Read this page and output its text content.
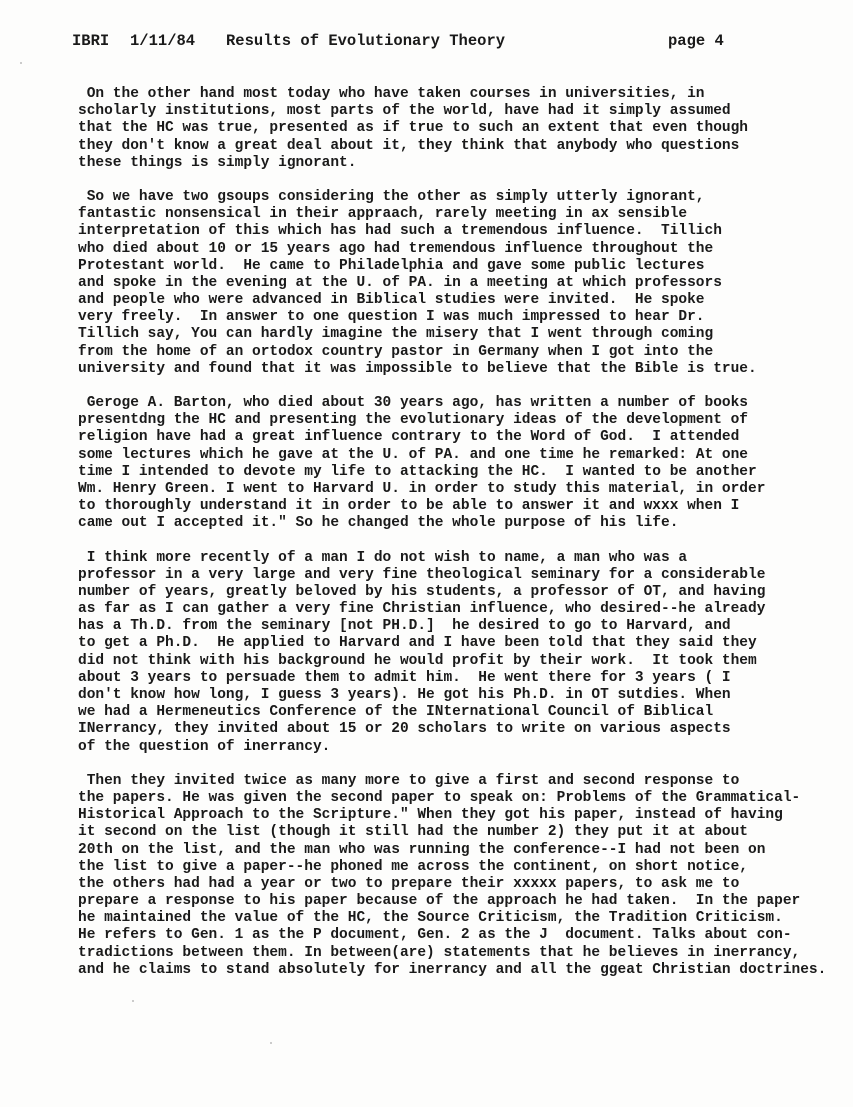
IBRI

1/11/84

Results of Evolutionary Theory

	page 4

On the other hand most today who have taken courses in universities, in
scholarly institutions, most parts of the world, have had it simply assumed
that the HC was true, presented as if true to such an extent that even though
they don't know a great deal about it, they think that anybody who questions
these things is simply ignorant.
So we have two gsoups considering the other as simply utterly ignorant,
fantastic nonsensical in their appraach, rarely meeting in ax sensible
interpretation of this which has had such a tremendous influence.  Tillich
who died about 10 or 15 years ago had tremendous influence throughout the
Protestant world.  He came to Philadelphia and gave some public lectures
and spoke in the evening at the U. of PA. in a meeting at which professors
and people who were advanced in Biblical studies were invited.  He spoke
very freely.  In answer to one question I was much impressed to hear Dr.
Tillich say, You can hardly imagine the misery that I went through coming
from the home of an ortodox country pastor in Germany when I got into the
university and found that it was impossible to believe that the Bible is true.
Geroge A. Barton, who died about 30 years ago, has written a number of books
presentdng the HC and presenting the evolutionary ideas of the development of
religion have had a great influence contrary to the Word of God.  I attended
some lectures which he gave at the U. of PA. and one time he remarked: At one
time I intended to devote my life to attacking the HC.  I wanted to be another
Wm. Henry Green. I went to Harvard U. in order to study this material, in order
to thoroughly understand it in order to be able to answer it and wxxx when I
came out I accepted it." So he changed the whole purpose of his life.
I think more recently of a man I do not wish to name, a man who was a
professor in a very large and very fine theological seminary for a considerable
number of years, greatly beloved by his students, a professor of OT, and having
as far as I can gather a very fine Christian influence, who desired--he already
has a Th.D. from the seminary [not PH.D.]  he desired to go to Harvard, and
to get a Ph.D.  He applied to Harvard and I have been told that they said they
did not think with his background he would profit by their work.  It took them
about 3 years to persuade them to admit him.  He went there for 3 years ( I
don't know how long, I guess 3 years). He got his Ph.D. in OT sutdies. When
we had a Hermeneutics Conference of the INternational Council of Biblical
INerrancy, they invited about 15 or 20 scholars to write on various aspects
of the question of inerrancy.
Then they invited twice as many more to give a first and second response to
the papers. He was given the second paper to speak on: Problems of the Grammatical-
Historical Approach to the Scripture." When they got his paper, instead of having
it second on the list (though it still had the number 2) they put it at about
20th on the list, and the man who was running the conference--I had not been on
the list to give a paper--he phoned me across the continent, on short notice,
the others had had a year or two to prepare their xxxxx papers, to ask me to
prepare a response to his paper because of the approach he had taken.  In the paper
he maintained the value of the HC, the Source Criticism, the Tradition Criticism.
He refers to Gen. 1 as the P document, Gen. 2 as the J  document. Talks about con-
tradictions between them. In between(are) statements that he believes in inerrancy,
and he claims to stand absolutely for inerrancy and all the ggeat Christian doctrines.
